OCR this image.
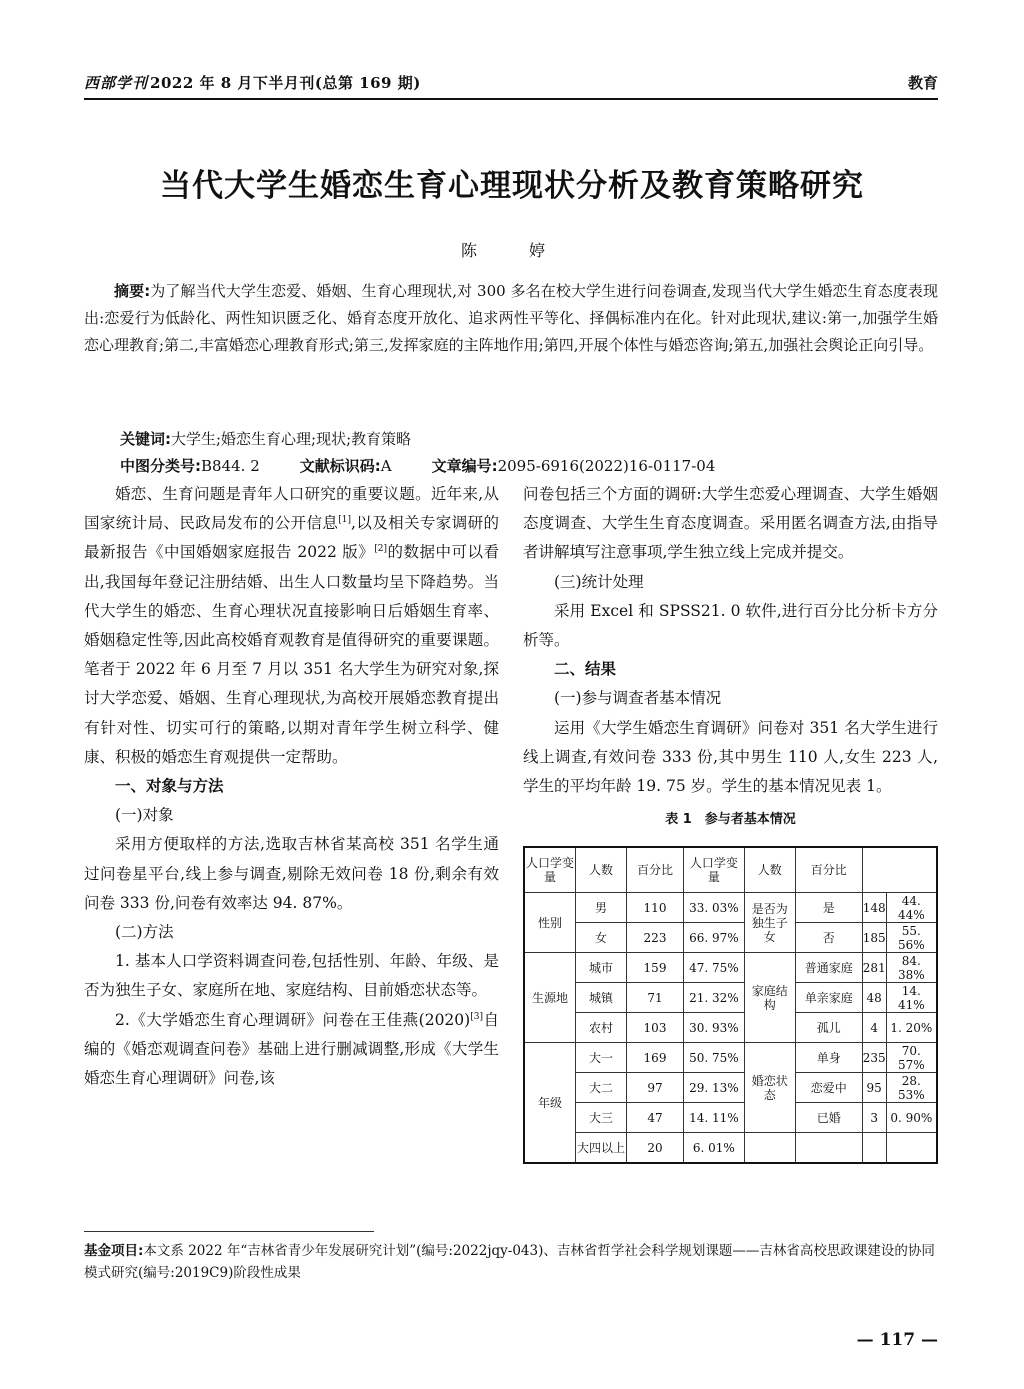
西部学刊 2022 年 8 月下半月刊(总第 169 期)	教育
当代大学生婚恋生育心理现状分析及教育策略研究
陈　婷

摘要:为了解当代大学生恋爱、婚姻、生育心理现状,对 300 多名在校大学生进行问卷调查,发现当代大学生婚恋生育态度表现出:恋爱行为低龄化、两性知识匮乏化、婚育态度开放化、追求两性平等化、择偶标准内在化。针对此现状,建议:第一,加强学生婚恋心理教育;第二,丰富婚恋心理教育形式;第三,发挥家庭的主阵地作用;第四,开展个体性与婚恋咨询;第五,加强社会舆论正向引导。

关键词:大学生;婚恋生育心理;现状;教育策略
中图分类号:B844. 2	文献标识码:A	文章编号:2095-6916(2022)16-0117-04

婚恋、生育问题是青年人口研究的重要议题。近年来,从国家统计局、民政局发布的公开信息[1],以及相关专家调研的最新报告《中国婚姻家庭报告 2022 版》[2]的数据中可以看出,我国每年登记注册结婚、出生人口数量均呈下降趋势。当代大学生的婚恋、生育心理状况直接影响日后婚姻生育率、婚姻稳定性等,因此高校婚育观教育是值得研究的重要课题。笔者于 2022 年 6 月至 7 月以 351 名大学生为研究对象,探讨大学恋爱、婚姻、生育心理现状,为高校开展婚恋教育提出有针对性、切实可行的策略,以期对青年学生树立科学、健康、积极的婚恋生育观提供一定帮助。

一、对象与方法

(一)对象

采用方便取样的方法,选取吉林省某高校 351 名学生通过问卷星平台,线上参与调查,剔除无效问卷 18 份,剩余有效问卷 333 份,问卷有效率达 94. 87%。

(二)方法

1. 基本人口学资料调查问卷,包括性别、年龄、年级、是否为独生子女、家庭所在地、家庭结构、目前婚恋状态等。

2.《大学婚恋生育心理调研》问卷在王佳燕(2020)[3]自编的《婚恋观调查问卷》基础上进行删减调整,形成《大学生婚恋生育心理调研》问卷,该

问卷包括三个方面的调研:大学生恋爱心理调查、大学生婚姻态度调查、大学生生育态度调查。采用匿名调查方法,由指导者讲解填写注意事项,学生独立线上完成并提交。

(三)统计处理

采用 Excel 和 SPSS21. 0 软件,进行百分比分析卡方分析等。

二、结果

(一)参与调查者基本情况

运用《大学生婚恋生育调研》问卷对 351 名大学生进行线上调查,有效问卷 333 份,其中男生 110 人,女生 223 人,学生的平均年龄 19. 75 岁。学生的基本情况见表 1。

表 1　参与者基本情况
人口学变量	人数	百分比	人口学变量	人数	百分比		
性别	男	110	33. 03%	是否为独生子女	是	148	44. 44%
	女	223	66. 97%		否	185	55. 56%
生源地	城市	159	47. 75%	家庭结构	普通家庭	281	84. 38%
	城镇	71	21. 32%		单亲家庭	48	14. 41%
	农村	103	30. 93%		孤儿	4	1. 20%
年级	大一	169	50. 75%	婚恋状态	单身	235	70. 57%
	大二	97	29. 13%		恋爱中	95	28. 53%
	大三	47	14. 11%		已婚	3	0. 90%
	大四以上	20	6. 01%				
基金项目:本文系 2022 年“吉林省青少年发展研究计划”(编号:2022jqy-043)、吉林省哲学社会科学规划课题——吉林省高校思政课建设的协同模式研究(编号:2019C9)阶段性成果
— 117 —
